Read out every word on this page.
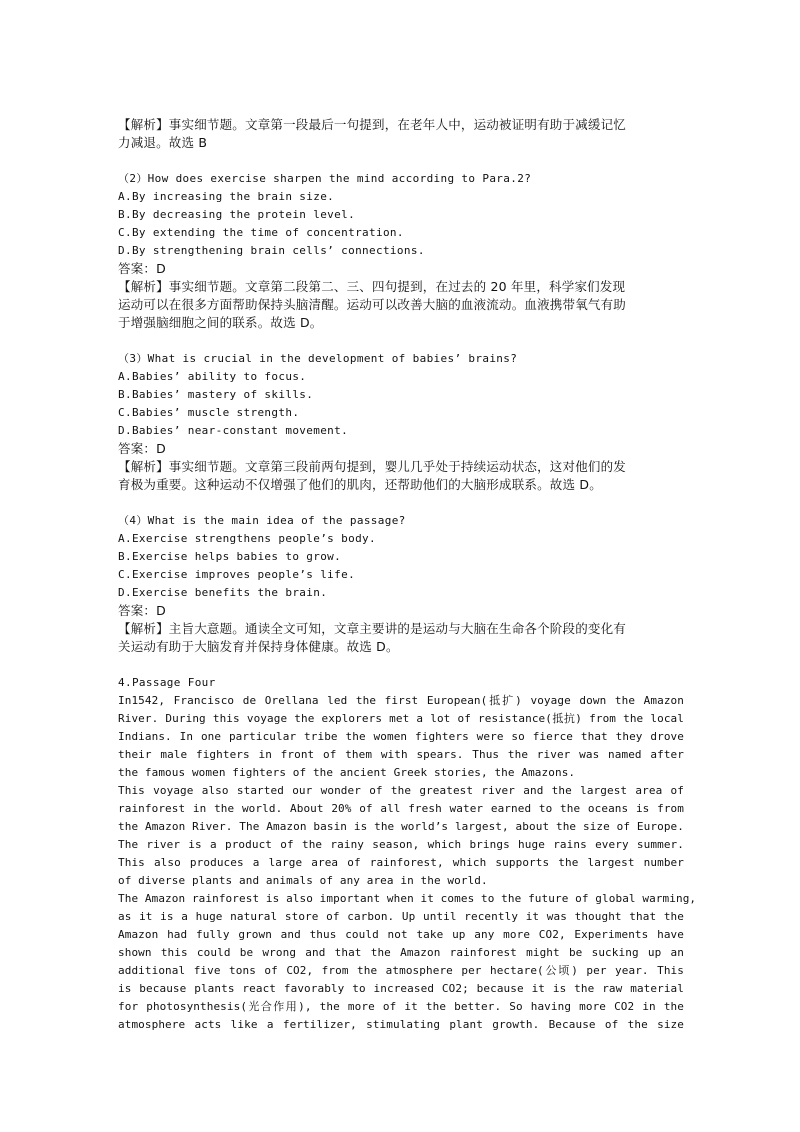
【解析】事实细节题。文章第一段最后一句提到，在老年人中，运动被证明有助于减缓记忆
力减退。故选 B
（2）How does exercise sharpen the mind according to Para.2?
A.By increasing the brain size.
B.By decreasing the protein level.
C.By extending the time of concentration.
D.By strengthening brain cells’ connections.
答案：D
【解析】事实细节题。文章第二段第二、三、四句提到，在过去的 20 年里，科学家们发现
运动可以在很多方面帮助保持头脑清醒。运动可以改善大脑的血液流动。血液携带氧气有助
于增强脑细胞之间的联系。故选 D。
（3）What is crucial in the development of babies’ brains?
A.Babies’ ability to focus.
B.Babies’ mastery of skills.
C.Babies’ muscle strength.
D.Babies’ near-constant movement.
答案：D
【解析】事实细节题。文章第三段前两句提到，婴儿几乎处于持续运动状态，这对他们的发
育极为重要。这种运动不仅增强了他们的肌肉，还帮助他们的大脑形成联系。故选 D。
（4）What is the main idea of the passage?
A.Exercise strengthens people’s body.
B.Exercise helps babies to grow.
C.Exercise improves people’s life.
D.Exercise benefits the brain.
答案：D
【解析】主旨大意题。通读全文可知，文章主要讲的是运动与大脑在生命各个阶段的变化有
关运动有助于大脑发育并保持身体健康。故选 D。
4.Passage Four
In1542, Francisco de Orellana led the first European(抵扩) voyage down the Amazon
River. During this voyage the explorers met a lot of resistance(抵抗) from the local
Indians. In one particular tribe the women fighters were so fierce that they drove
their male fighters in front of them with spears. Thus the river was named after
the famous women fighters of the ancient Greek stories, the Amazons.
This voyage also started our wonder of the greatest river and the largest area of
rainforest in the world. About 20% of all fresh water earned to the oceans is from
the Amazon River. The Amazon basin is the world’s largest, about the size of Europe.
The river is a product of the rainy season, which brings huge rains every summer.
This also produces a large area of rainforest, which supports the largest number
of diverse plants and animals of any area in the world.
The Amazon rainforest is also important when it comes to the future of global warming,
as it is a huge natural store of carbon. Up until recently it was thought that the
Amazon had fully grown and thus could not take up any more CO2, Experiments have
shown this could be wrong and that the Amazon rainforest might be sucking up an
additional five tons of CO2, from the atmosphere per hectare(公顷) per year. This
is because plants react favorably to increased CO2; because it is the raw material
for photosynthesis(光合作用), the more of it the better. So having more CO2 in the
atmosphere acts like a fertilizer, stimulating plant growth. Because of the size
